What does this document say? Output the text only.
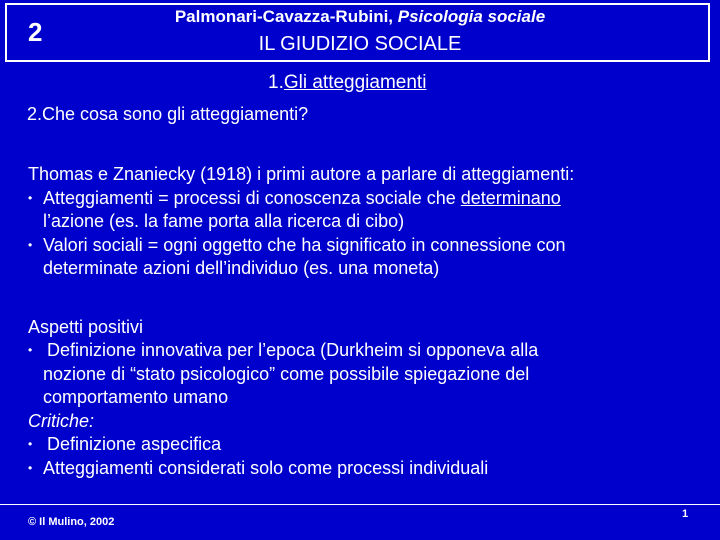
2
Palmonari-Cavazza-Rubini, Psicologia sociale
IL GIUDIZIO SOCIALE
1.Gli atteggiamenti
2.Che cosa sono gli atteggiamenti?

Thomas e Znaniecky (1918) i primi autore a parlare di atteggiamenti:

• Atteggiamenti = processi di conoscenza sociale che determinano

l’azione (es. la fame porta alla ricerca di cibo)

• Valori sociali = ogni oggetto che ha significato in connessione con

determinate azioni dell’individuo (es. una moneta)

Aspetti positivi

• Definizione innovativa per l’epoca (Durkheim si opponeva alla

nozione di “stato psicologico” come possibile spiegazione del

comportamento umano

Critiche:

• Definizione aspecifica

• Atteggiamenti considerati solo come processi individuali

© Il Mulino, 2002
1
